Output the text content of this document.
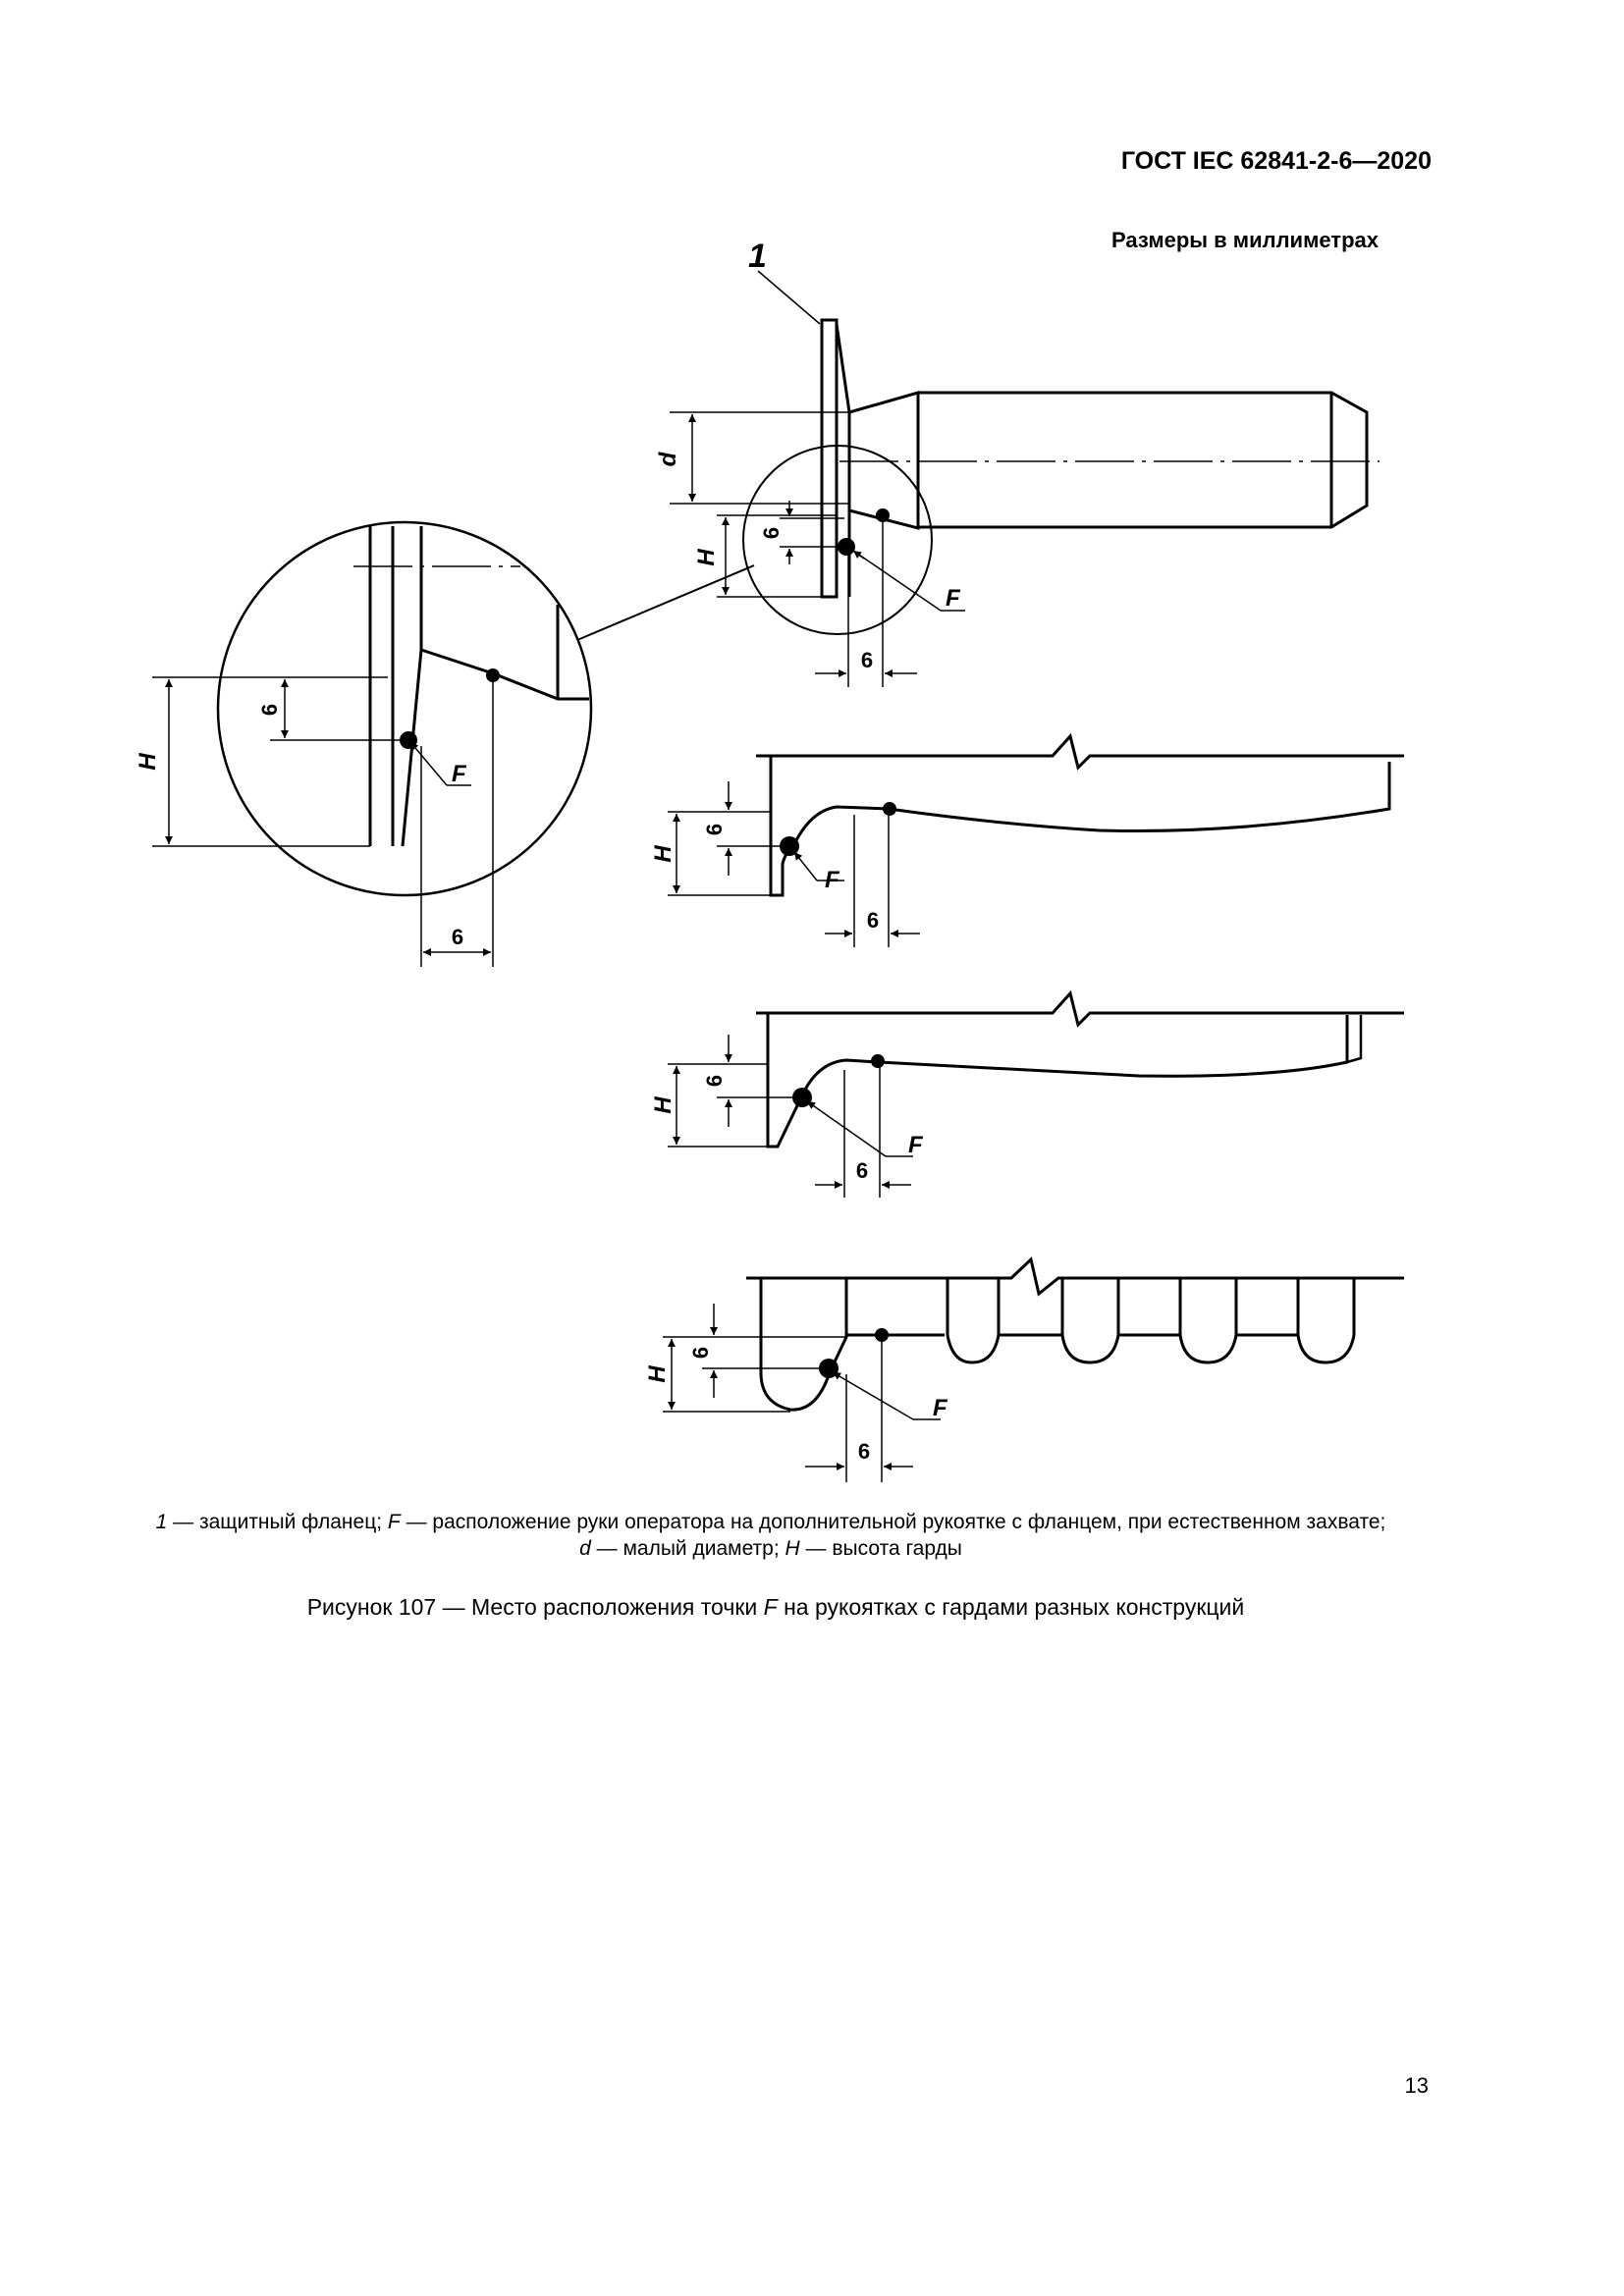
ГОСТ IEC 62841-2-6—2020
Размеры в миллиметрах
1
d
H
6
6
F
H
6
6
F
H
6
6
F
H
6
6
F
H
6
6
F
1 — защитный фланец; F — расположение руки оператора на дополнительной рукоятке с фланцем, при естественном захвате;
d — малый диаметр; H — высота гарды
Рисунок 107 — Место расположения точки F на рукоятках с гардами разных конструкций
13
